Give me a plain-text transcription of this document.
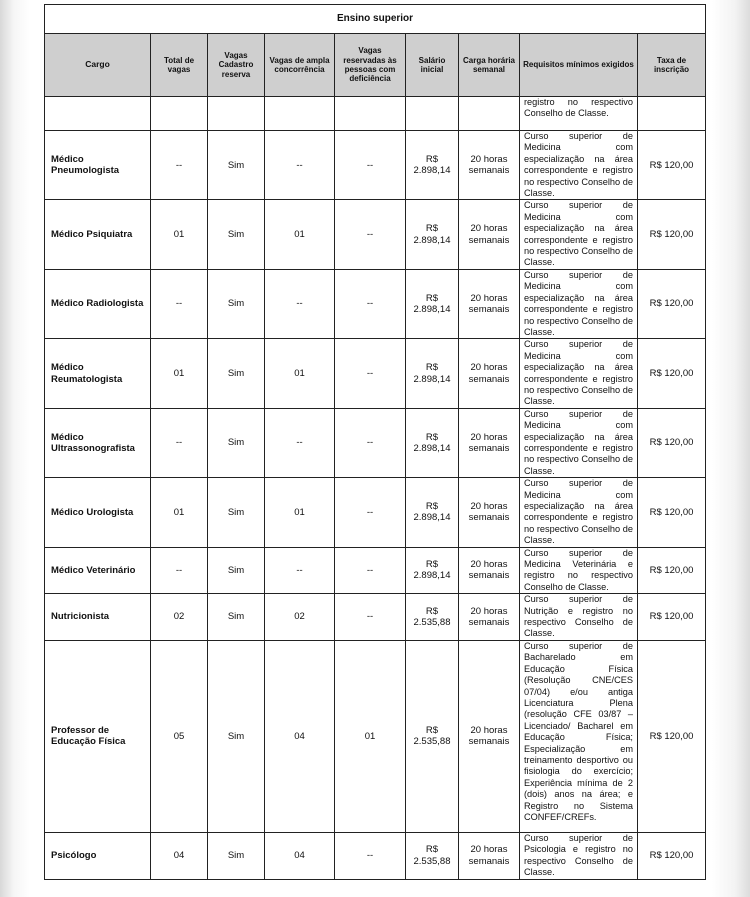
Ensino superior								
Cargo	Total de vagas	Vagas Cadastro reserva	Vagas de ampla concorrência	Vagas reservadas às pessoas com deficiência	Salário inicial	Carga horária semanal	Requisitos mínimos exigidos	Taxa de inscrição
							registro no respectivo Conselho de Classe.	
Médico Pneumologista	--	Sim	--	--	R$ 2.898,14	20 horas semanais	Curso superior de Medicina com especialização na área correspondente e registro no respectivo Conselho de Classe.	R$ 120,00
Médico Psiquiatra	01	Sim	01	--	R$ 2.898,14	20 horas semanais	Curso superior de Medicina com especialização na área correspondente e registro no respectivo Conselho de Classe.	R$ 120,00
Médico Radiologista	--	Sim	--	--	R$ 2.898,14	20 horas semanais	Curso superior de Medicina com especialização na área correspondente e registro no respectivo Conselho de Classe.	R$ 120,00
Médico Reumatologista	01	Sim	01	--	R$ 2.898,14	20 horas semanais	Curso superior de Medicina com especialização na área correspondente e registro no respectivo Conselho de Classe.	R$ 120,00
Médico Ultrassonografista	--	Sim	--	--	R$ 2.898,14	20 horas semanais	Curso superior de Medicina com especialização na área correspondente e registro no respectivo Conselho de Classe.	R$ 120,00
Médico Urologista	01	Sim	01	--	R$ 2.898,14	20 horas semanais	Curso superior de Medicina com especialização na área correspondente e registro no respectivo Conselho de Classe.	R$ 120,00
Médico Veterinário	--	Sim	--	--	R$ 2.898,14	20 horas semanais	Curso superior de Medicina Veterinária e registro no respectivo Conselho de Classe.	R$ 120,00
Nutricionista	02	Sim	02	--	R$ 2.535,88	20 horas semanais	Curso superior de Nutrição e registro no respectivo Conselho de Classe.	R$ 120,00
Professor de Educação Física	05	Sim	04	01	R$ 2.535,88	20 horas semanais	Curso superior de Bacharelado em Educação Física (Resolução CNE/CES 07/04) e/ou antiga Licenciatura Plena (resolução CFE 03/87 – Licenciado/ Bacharel em Educação Física; Especialização em treinamento desportivo ou fisiologia do exercício; Experiência mínima de 2 (dois) anos na área; e Registro no Sistema CONFEF/CREFs.	R$ 120,00
Psicólogo	04	Sim	04	--	R$ 2.535,88	20 horas semanais	Curso superior de Psicologia e registro no respectivo Conselho de Classe.	R$ 120,00
